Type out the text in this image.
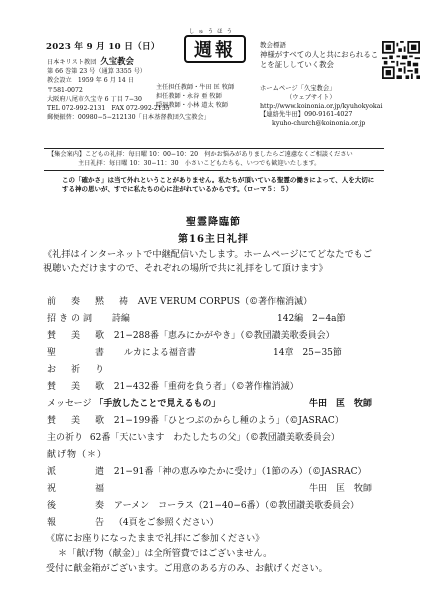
2023 年 9 月 10 日（日）
日本キリスト教団 久宝教会
第 66 巻第 23 号（通算 3355 号）
教会設立　1959 年 6 月 14 日
〒581-0072
大阪府八尾市久宝寺 6 丁目 7−30
TEL 072-992-2131　FAX 072-992-2135
郵便振替：00980−5−212130「日本基督教団久宝教会」
しゅうほう
週報
主任担任教師・牛田 匡 牧師
担任教師・永谷 亜 牧師
隠退教師・小林 道太 牧師
教会標語
神様がすべての人と共におられることを証ししていく教会
ホームページ「久宝教会」
（ウェブサイト）
http://www.koinonia.or.jp/kyuhokyokai
【連絡先牛田】090-9161-4027
kyuho-church@koinonia.or.jp
【集会案内】こどもの礼拝：毎日曜 10：00−10：20　何かお悩みがありましたらご遠慮なくご相談ください
主日礼拝：毎日曜 10：30−11：30　小さいこどもたちも、いつでも歓迎いたします。
この「確かさ」は当て外れということがありません。私たちが頂いている聖霊の働きによって、人を大切にする神の思いが、すでに私たちの心に注がれているからです。（ローマ５：５）
聖霊降臨節
第16主日礼拝
《礼拝はインターネットで中継配信いたします。ホームページにてどなたでもご視聴いただけますので、それぞれの場所で共に礼拝をして頂けます》
前　奏　黙　祷 AVE VERUM CORPUS（©著作権消滅）
招きの詞 詩編	142編　2−4a節
賛　美　歌 21−288番「恵みにかがやき」（©教団讃美歌委員会）
聖　　　書 ルカによる福音書	14章　25−35節
お　祈　り
賛　美　歌 21−432番「重荷を負う者」（©著作権消滅）
メッセージ 「手放したことで見えるもの」	牛田　匡　牧師
賛　美　歌 21−199番「ひとつぶのからし種のよう」（©JASRAC）
主の祈り 62番「天にいます　わたしたちの父」（©教団讃美歌委員会）
献げ物（＊）
派　　　遣 21−91番「神の恵みゆたかに受け」（1節のみ）（©JASRAC）
祝　　　福	牛田　匡　牧師
後　　　奏 アーメン　コーラス（21−40−6番）（©教団讃美歌委員会）
報　　　告 （4頁をご参照ください）
《席にお座りになったままで礼拝にご参加ください》
＊「献げ物（献金）」は全所管費ではございません。
受付に献金箱がございます。ご用意のある方のみ、お献げください。
